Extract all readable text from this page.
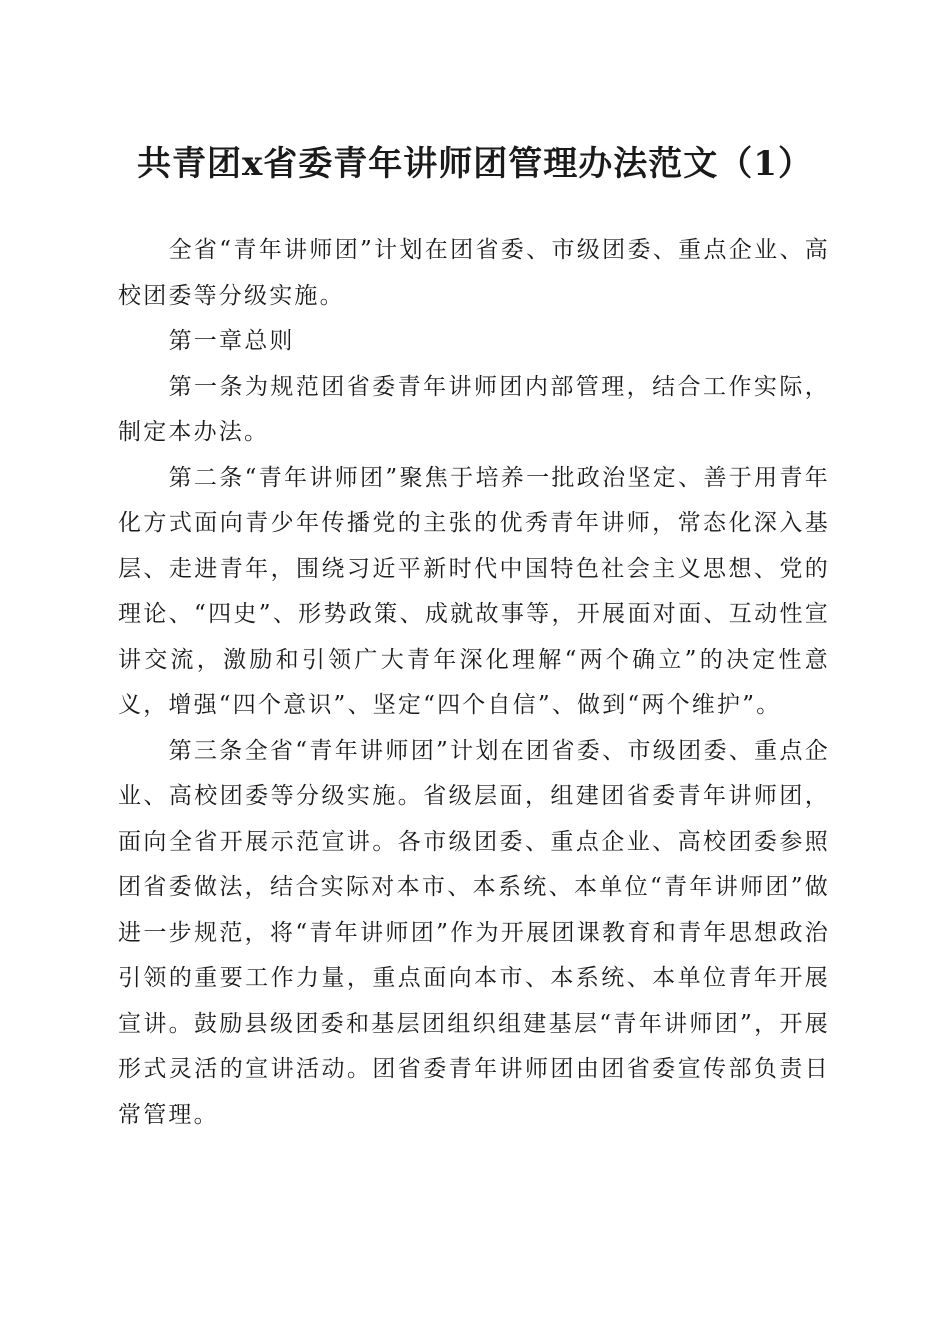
共青团x省委青年讲师团管理办法范文（1）

全省“青年讲师团”计划在团省委、市级团委、重点企业、高校团委等分级实施。

第一章总则

第一条为规范团省委青年讲师团内部管理，结合工作实际，制定本办法。

第二条“青年讲师团”聚焦于培养一批政治坚定、善于用青年化方式面向青少年传播党的主张的优秀青年讲师，常态化深入基层、走进青年，围绕习近平新时代中国特色社会主义思想、党的理论、“四史”、形势政策、成就故事等，开展面对面、互动性宣讲交流，激励和引领广大青年深化理解“两个确立”的决定性意义，增强“四个意识”、坚定“四个自信”、做到“两个维护”。

第三条全省“青年讲师团”计划在团省委、市级团委、重点企业、高校团委等分级实施。省级层面，组建团省委青年讲师团，面向全省开展示范宣讲。各市级团委、重点企业、高校团委参照团省委做法，结合实际对本市、本系统、本单位“青年讲师团”做进一步规范，将“青年讲师团”作为开展团课教育和青年思想政治引领的重要工作力量，重点面向本市、本系统、本单位青年开展宣讲。鼓励县级团委和基层团组织组建基层“青年讲师团”，开展形式灵活的宣讲活动。团省委青年讲师团由团省委宣传部负责日常管理。
